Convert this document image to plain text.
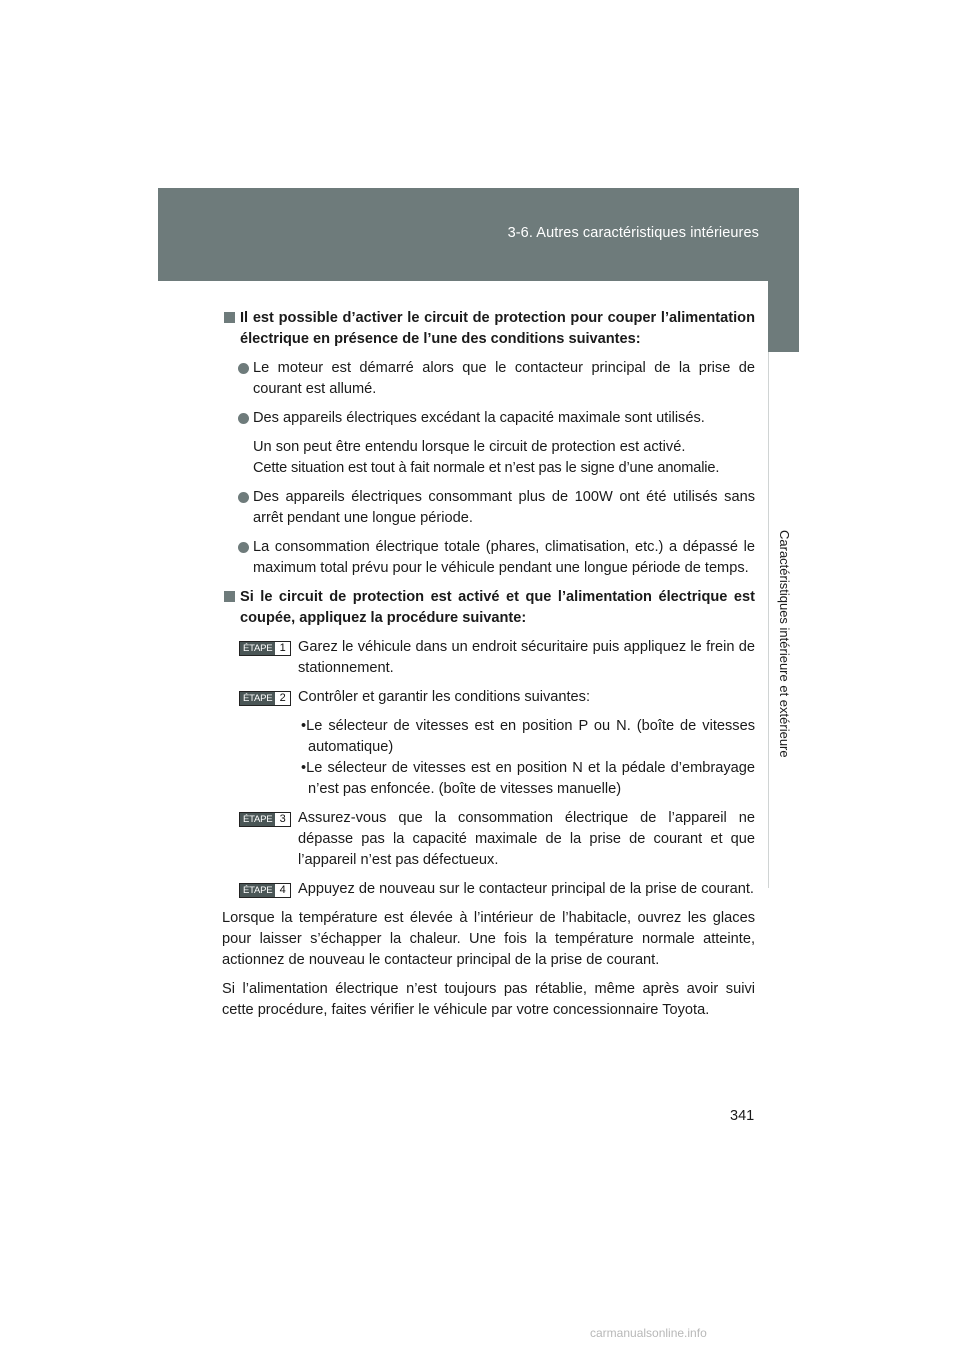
3-6. Autres caractéristiques intérieures
Caractéristiques intérieure et extérieure
Il est possible d’activer le circuit de protection pour couper l’alimentation électrique en présence de l’une des conditions suivantes:
Le moteur est démarré alors que le contacteur principal de la prise de courant est allumé.
Des appareils électriques excédant la capacité maximale sont utilisés.
Un son peut être entendu lorsque le circuit de protection est activé.
Cette situation est tout à fait normale et n’est pas le signe d’une anomalie.
Des appareils électriques consommant plus de 100W ont été utilisés sans arrêt pendant une longue période.
La consommation électrique totale (phares, climatisation, etc.) a dépassé le maximum total prévu pour le véhicule pendant une longue période de temps.
Si le circuit de protection est activé et que l’alimentation électrique est coupée, appliquez la procédure suivante:
ÉTAPE 1 Garez le véhicule dans un endroit sécuritaire puis appliquez le frein de stationnement.
ÉTAPE 2 Contrôler et garantir les conditions suivantes:
•Le sélecteur de vitesses est en position P ou N. (boîte de vitesses automatique)
•Le sélecteur de vitesses est en position N et la pédale d’embrayage n’est pas enfoncée. (boîte de vitesses manuelle)
ÉTAPE 3 Assurez-vous que la consommation électrique de l’appareil ne dépasse pas la capacité maximale de la prise de courant et que l’appareil n’est pas défectueux.
ÉTAPE 4 Appuyez de nouveau sur le contacteur principal de la prise de courant.
Lorsque la température est élevée à l’intérieur de l’habitacle, ouvrez les glaces pour laisser s’échapper la chaleur. Une fois la température normale atteinte, actionnez de nouveau le contacteur principal de la prise de courant.
Si l’alimentation électrique n’est toujours pas rétablie, même après avoir suivi cette procédure, faites vérifier le véhicule par votre concessionnaire Toyota.
341
carmanualsonline.info
